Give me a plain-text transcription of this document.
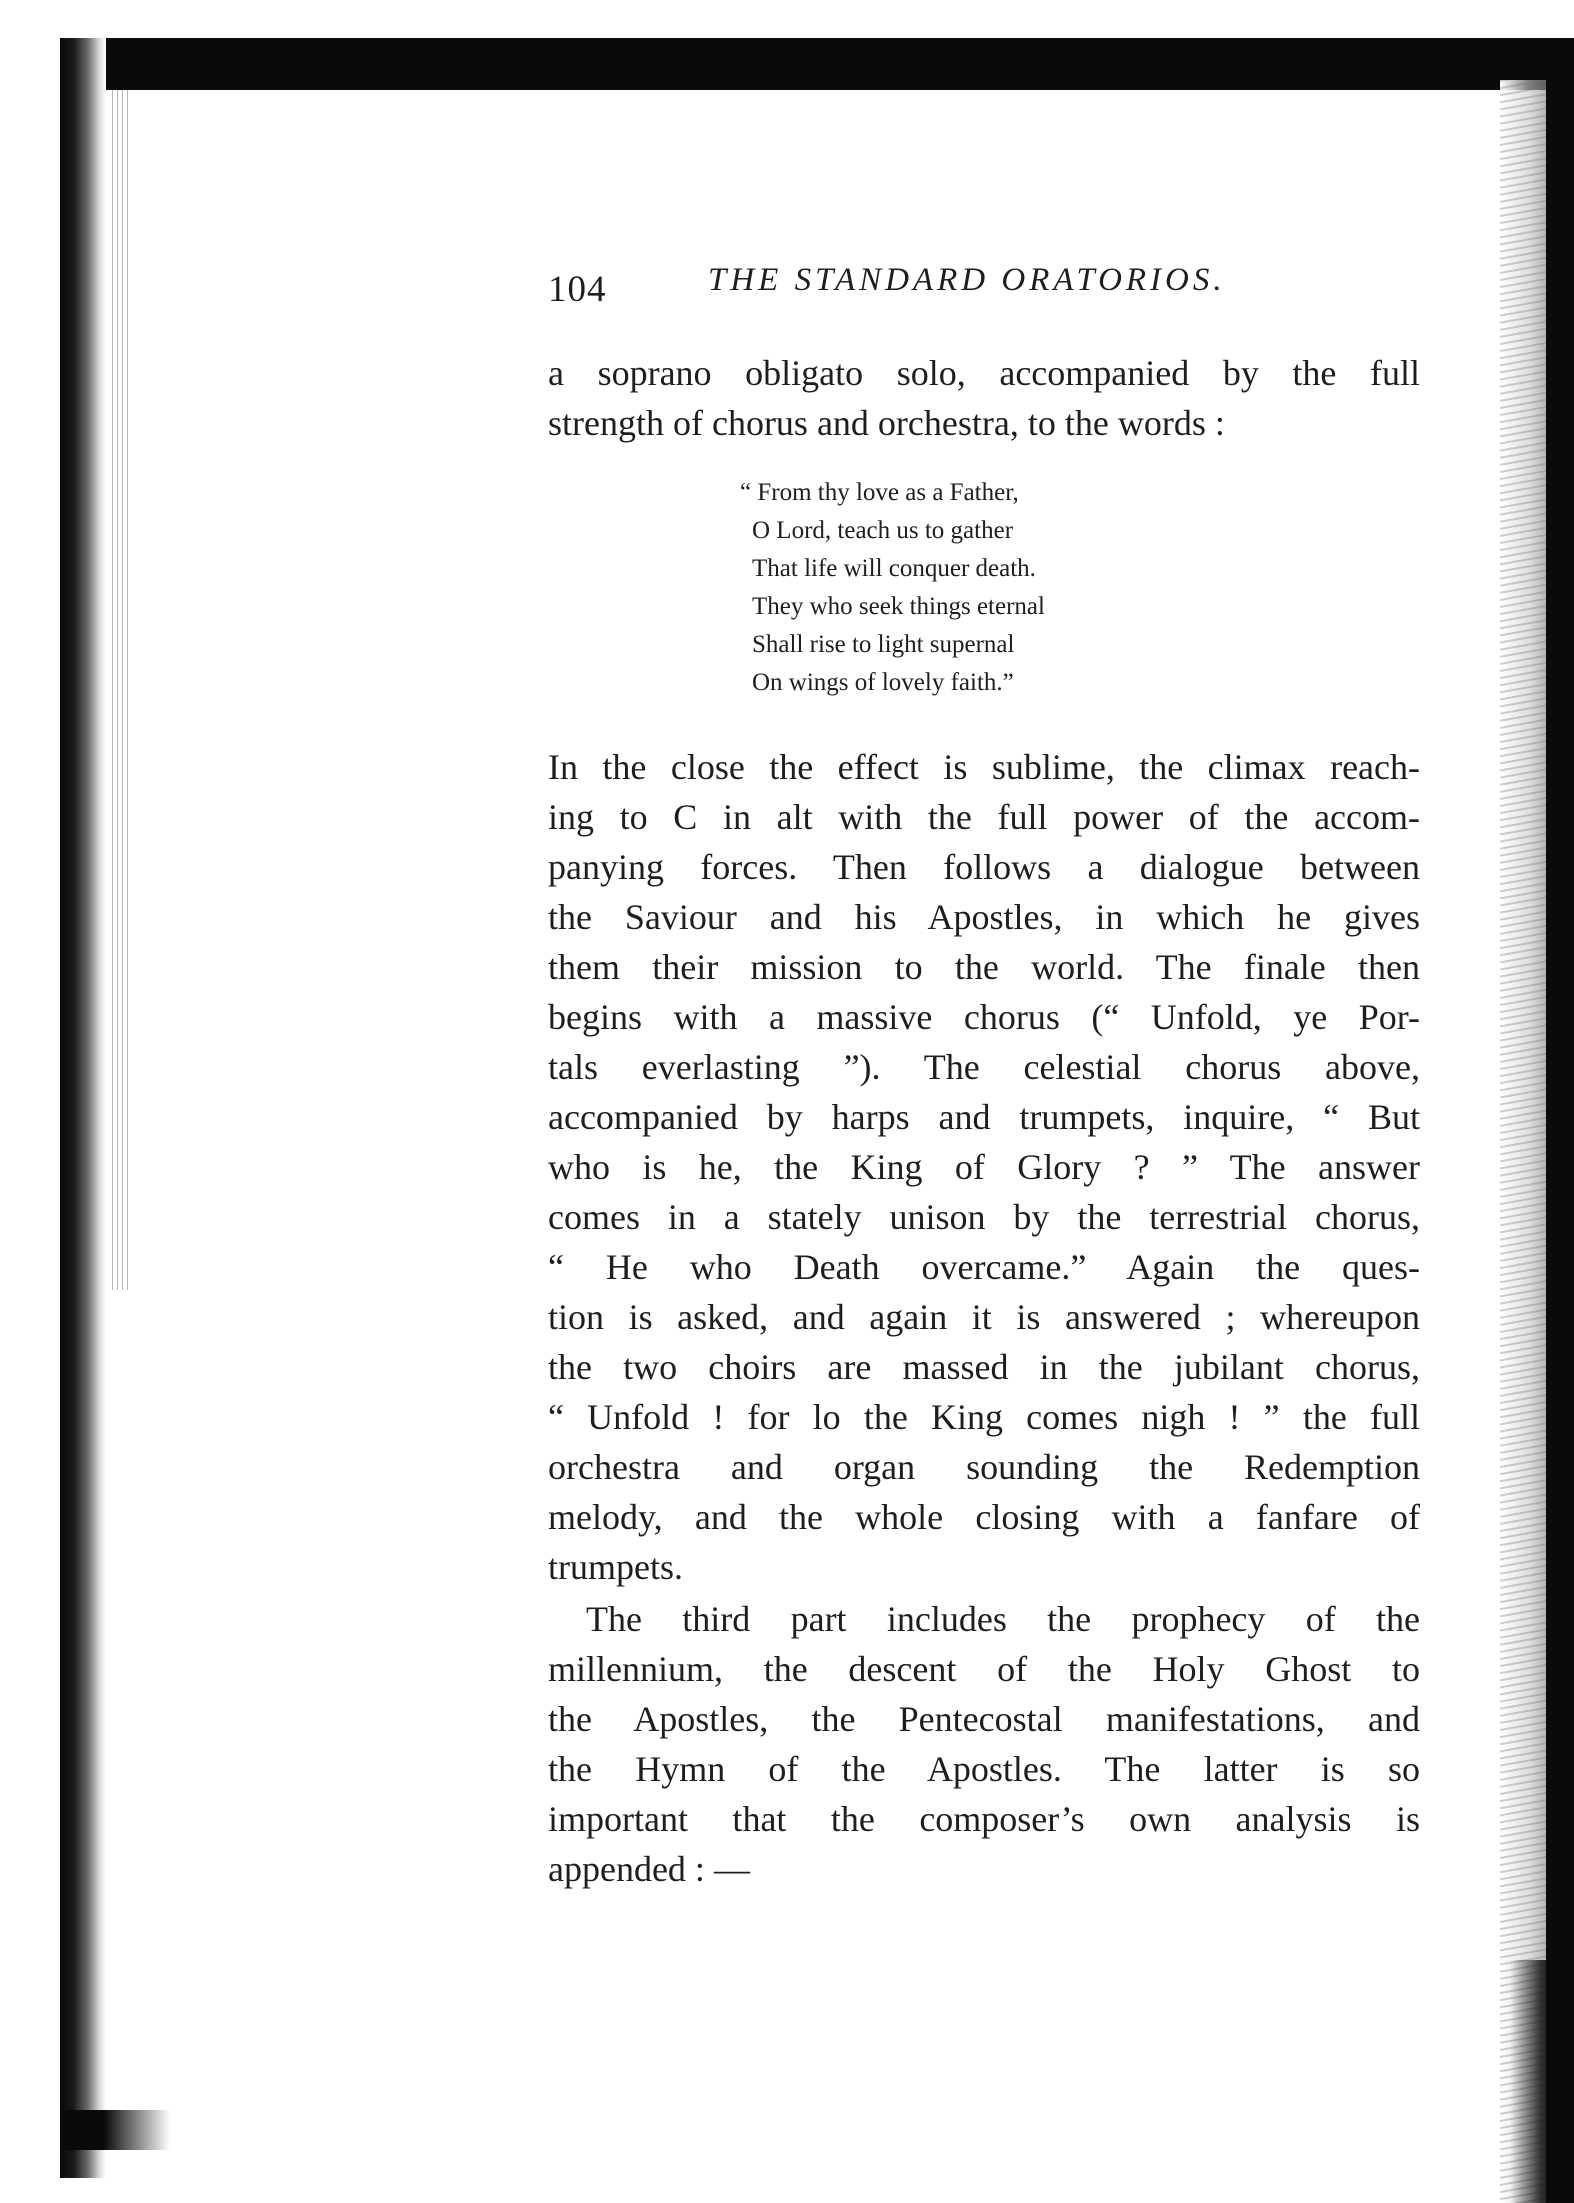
104	THE STANDARD ORATORIOS.
a soprano obligato solo, accompanied by the full
strength of chorus and orchestra, to the words :
“ From thy love as a Father,
O Lord, teach us to gather
That life will conquer death.
They who seek things eternal
Shall rise to light supernal
On wings of lovely faith.”
In the close the effect is sublime, the climax reach-
ing to C in alt with the full power of the accom-
panying forces. Then follows a dialogue between
the Saviour and his Apostles, in which he gives
them their mission to the world. The finale then
begins with a massive chorus (“ Unfold, ye Por-
tals everlasting ”). The celestial chorus above,
accompanied by harps and trumpets, inquire, “ But
who is he, the King of Glory ? ” The answer
comes in a stately unison by the terrestrial chorus,
“ He who Death overcame.” Again the ques-
tion is asked, and again it is answered ; whereupon
the two choirs are massed in the jubilant chorus,
“ Unfold ! for lo the King comes nigh ! ” the full
orchestra and organ sounding the Redemption
melody, and the whole closing with a fanfare of
trumpets.
The third part includes the prophecy of the
millennium, the descent of the Holy Ghost to
the Apostles, the Pentecostal manifestations, and
the Hymn of the Apostles. The latter is so
important that the composer’s own analysis is
appended : —
